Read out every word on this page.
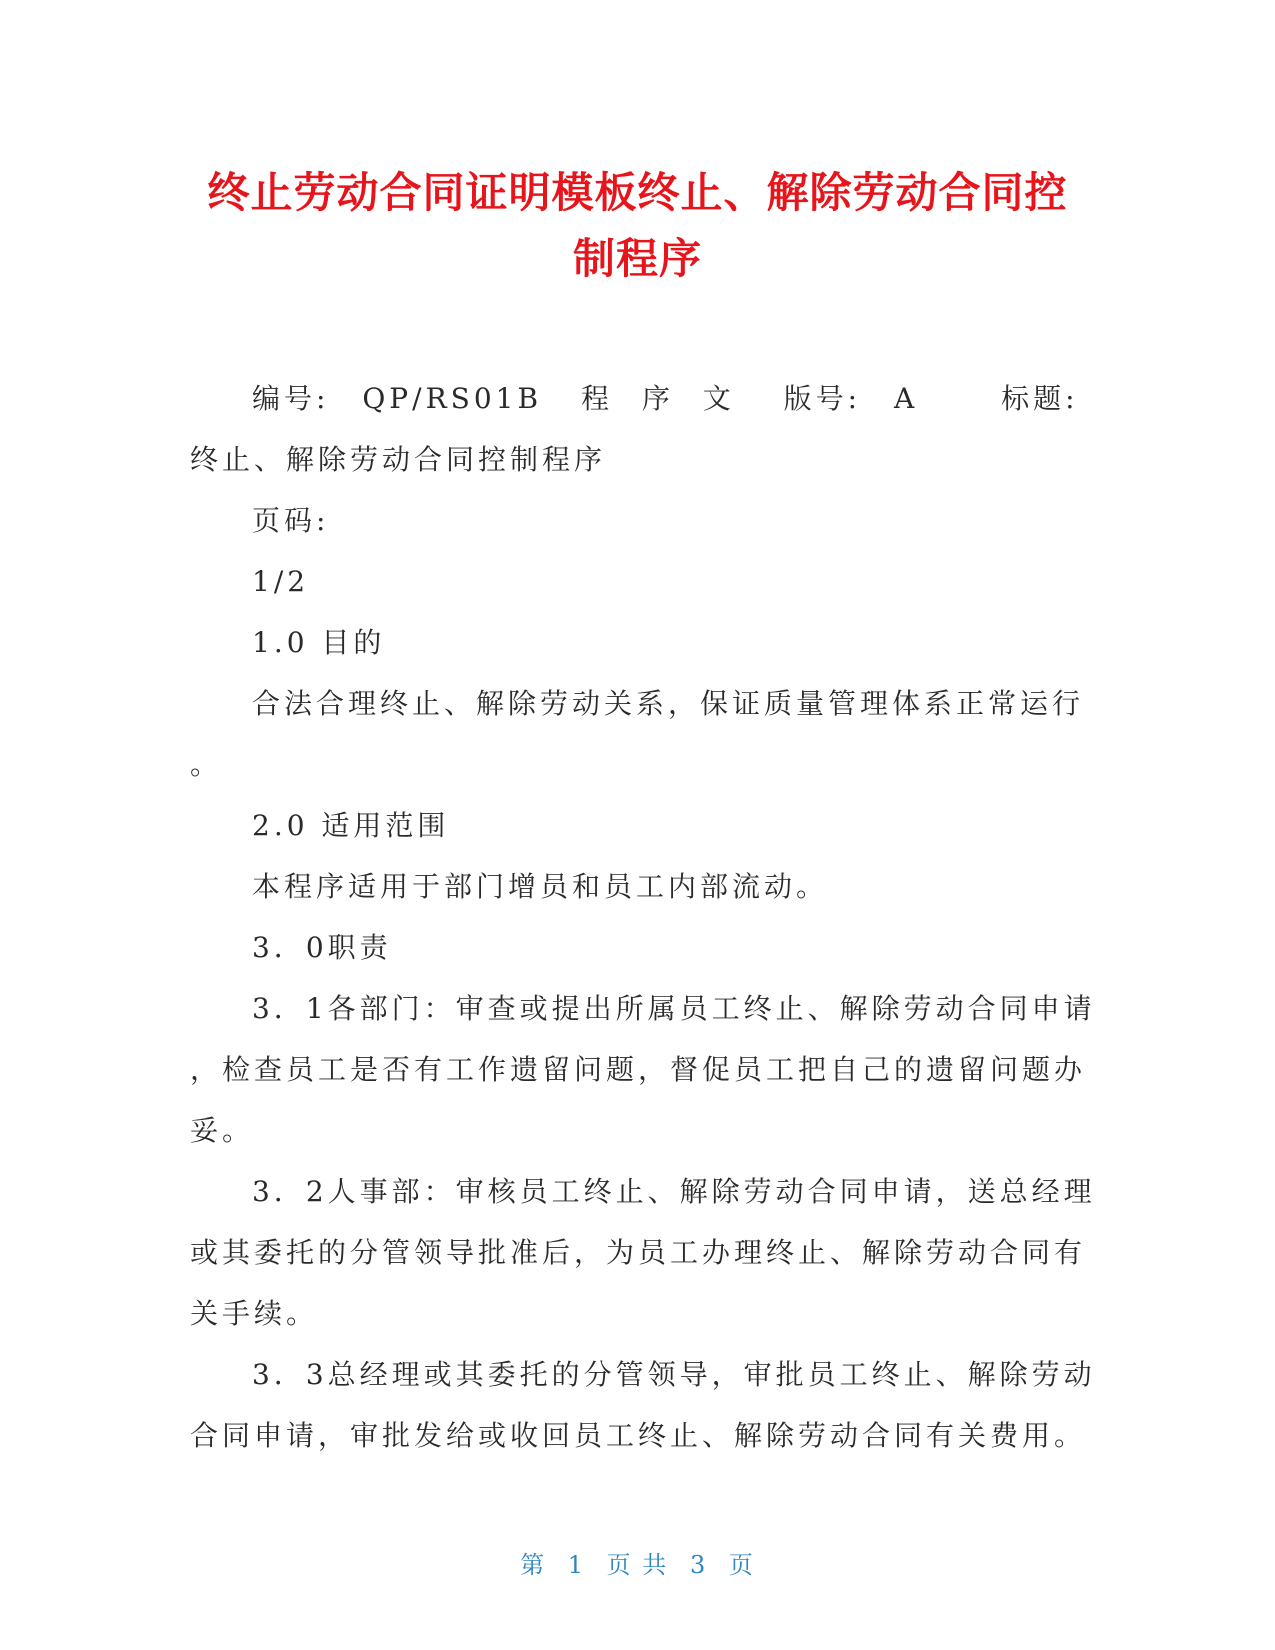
终止劳动合同证明模板终止、解除劳动合同控
制程序
编号: QP/RS01B 程 序 文 版号: A	标题:
终止、解除劳动合同控制程序
页码:
1/2
1.0 目的
合法合理终止、解除劳动关系，保证质量管理体系正常运行
。
2.0 适用范围
本程序适用于部门增员和员工内部流动。
3．0职责
3．1各部门：审查或提出所属员工终止、解除劳动合同申请
，检查员工是否有工作遗留问题，督促员工把自己的遗留问题办
妥。
3．2人事部：审核员工终止、解除劳动合同申请，送总经理
或其委托的分管领导批准后，为员工办理终止、解除劳动合同有
关手续。
3．3总经理或其委托的分管领导，审批员工终止、解除劳动
合同申请，审批发给或收回员工终止、解除劳动合同有关费用。
第 1 页 共 3 页
